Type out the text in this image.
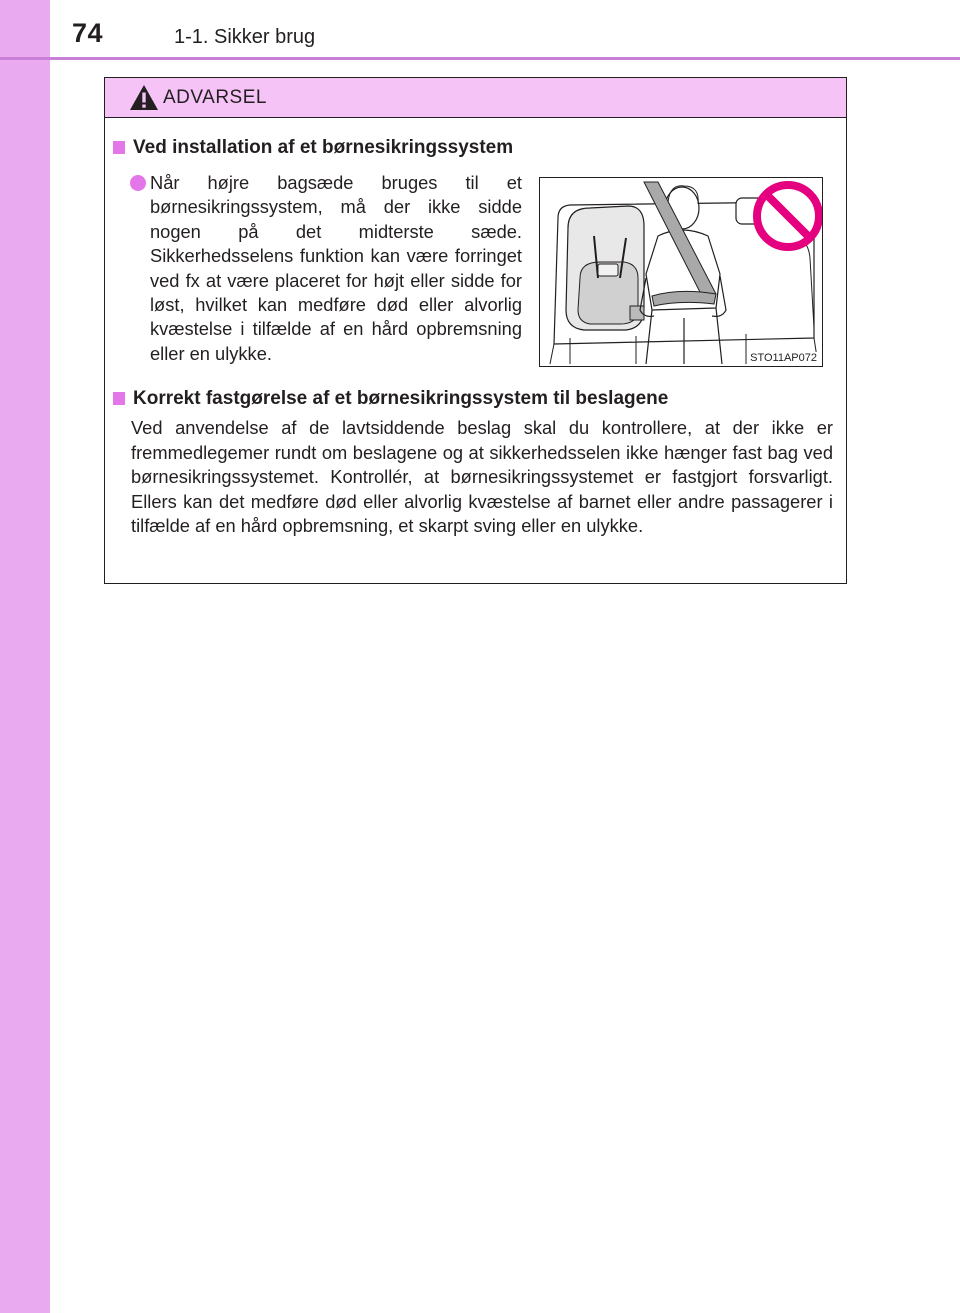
74	1-1. Sikker brug
ADVARSEL
Ved installation af et børnesikringssystem
Når højre bagsæde bruges til et børnesikringssystem, må der ikke sidde nogen på det midterste sæde. Sikkerhedsselens funktion kan være forringet ved fx at være placeret for højt eller sidde for løst, hvilket kan medføre død eller alvorlig kvæstelse i tilfælde af en hård opbremsning eller en ulykke.	STO11AP072
Korrekt fastgørelse af et børnesikringssystem til beslagene
Ved anvendelse af de lavtsiddende beslag skal du kontrollere, at der ikke er fremmedlegemer rundt om beslagene og at sikkerhedsselen ikke hænger fast bag ved børnesikringssystemet. Kontrollér, at børnesikringssystemet er fastgjort forsvarligt. Ellers kan det medføre død eller alvorlig kvæstelse af barnet eller andre passagerer i tilfælde af en hård opbremsning, et skarpt sving eller en ulykke.
